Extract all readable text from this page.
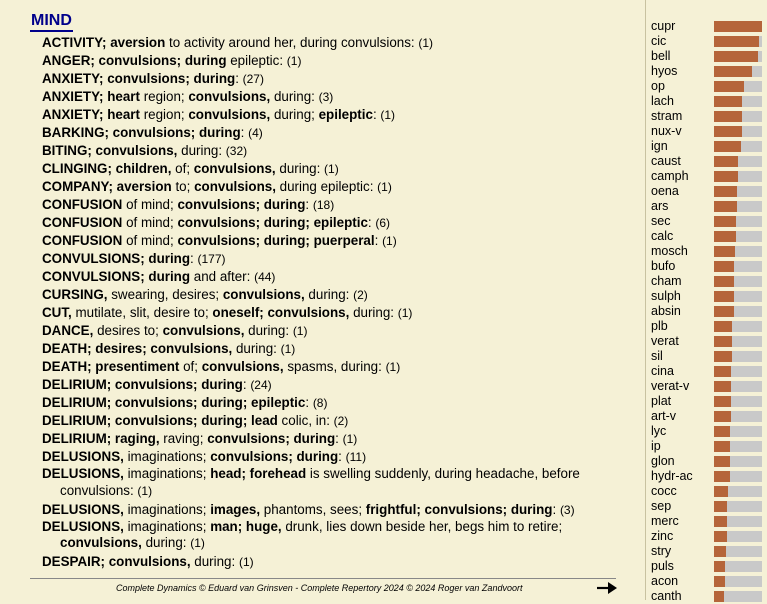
MIND
ACTIVITY; aversion to activity around her, during convulsions: (1)
ANGER; convulsions; during epileptic: (1)
ANXIETY; convulsions; during: (27)
ANXIETY; heart region; convulsions, during: (3)
ANXIETY; heart region; convulsions, during; epileptic: (1)
BARKING; convulsions; during: (4)
BITING; convulsions, during: (32)
CLINGING; children, of; convulsions, during: (1)
COMPANY; aversion to; convulsions, during epileptic: (1)
CONFUSION of mind; convulsions; during: (18)
CONFUSION of mind; convulsions; during; epileptic: (6)
CONFUSION of mind; convulsions; during; puerperal: (1)
CONVULSIONS; during: (177)
CONVULSIONS; during and after: (44)
CURSING, swearing, desires; convulsions, during: (2)
CUT, mutilate, slit, desire to; oneself; convulsions, during: (1)
DANCE, desires to; convulsions, during: (1)
DEATH; desires; convulsions, during: (1)
DEATH; presentiment of; convulsions, spasms, during: (1)
DELIRIUM; convulsions; during: (24)
DELIRIUM; convulsions; during; epileptic: (8)
DELIRIUM; convulsions; during; lead colic, in: (2)
DELIRIUM; raging, raving; convulsions; during: (1)
DELUSIONS, imaginations; convulsions; during: (11)
DELUSIONS, imaginations; head; forehead is swelling suddenly, during headache, before convulsions: (1)
DELUSIONS, imaginations; images, phantoms, sees; frightful; convulsions; during: (3)
DELUSIONS, imaginations; man; huge, drunk, lies down beside her, begs him to retire; convulsions, during: (1)
DESPAIR; convulsions, during: (1)
Complete Dynamics © Eduard van Grinsven - Complete Repertory 2024 © 2024 Roger van Zandvoort
cupr
cic
bell
hyos
op
lach
stram
nux-v
ign
caust
camph
oena
ars
sec
calc
mosch
bufo
cham
sulph
absin
plb
verat
sil
cina
verat-v
plat
art-v
lyc
ip
glon
hydr-ac
cocc
sep
merc
zinc
stry
puls
acon
canth
